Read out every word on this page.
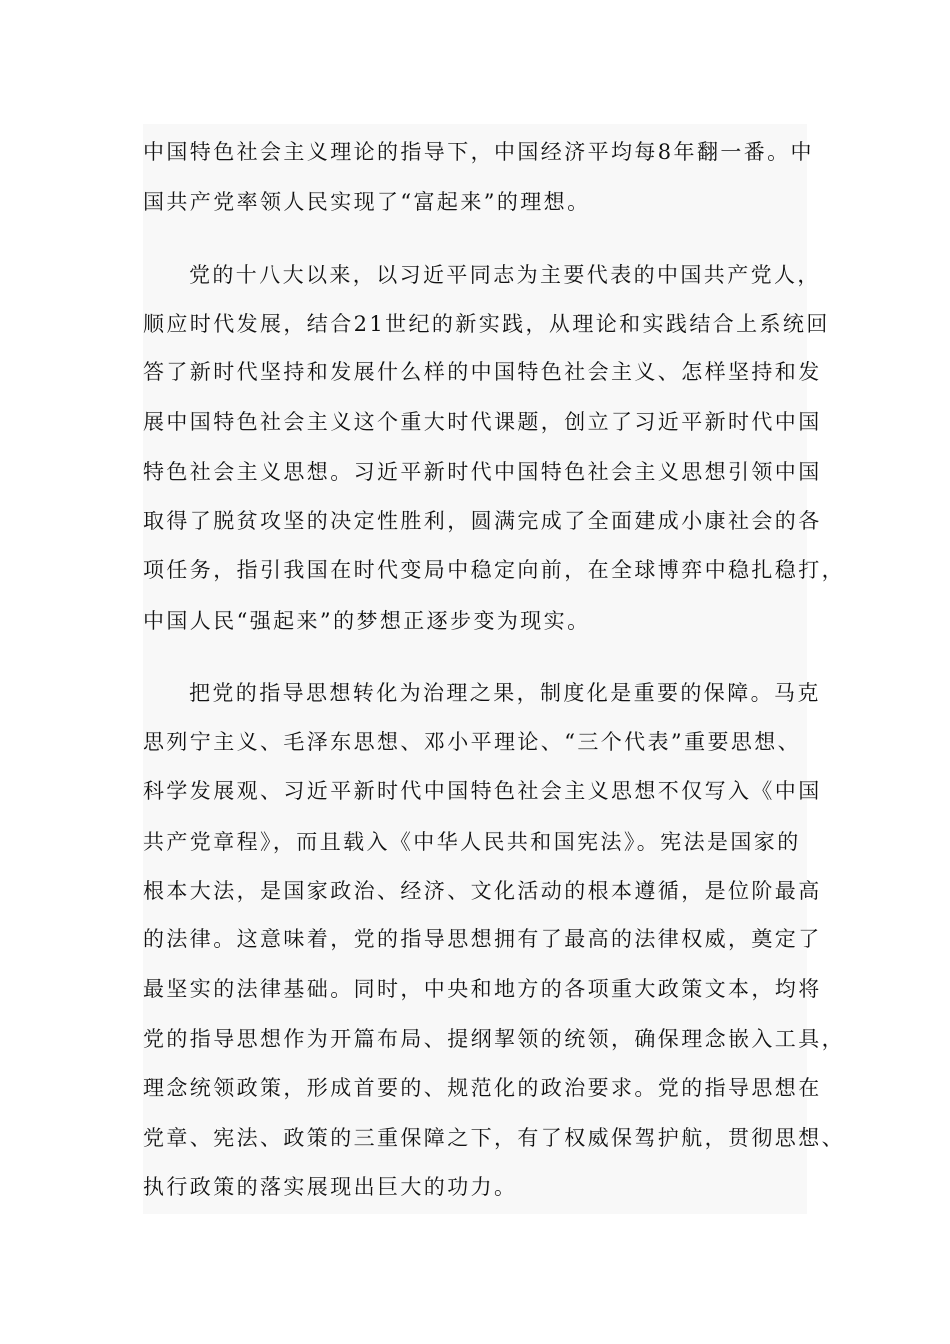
中国特色社会主义理论的指导下，中国经济平均每8年翻一番。中
国共产党率领人民实现了“富起来”的理想。
党的十八大以来，以习近平同志为主要代表的中国共产党人，
顺应时代发展，结合21世纪的新实践，从理论和实践结合上系统回
答了新时代坚持和发展什么样的中国特色社会主义、怎样坚持和发
展中国特色社会主义这个重大时代课题，创立了习近平新时代中国
特色社会主义思想。习近平新时代中国特色社会主义思想引领中国
取得了脱贫攻坚的决定性胜利，圆满完成了全面建成小康社会的各
项任务，指引我国在时代变局中稳定向前，在全球博弈中稳扎稳打，
中国人民“强起来”的梦想正逐步变为现实。
把党的指导思想转化为治理之果，制度化是重要的保障。马克
思列宁主义、毛泽东思想、邓小平理论、“三个代表”重要思想、
科学发展观、习近平新时代中国特色社会主义思想不仅写入《中国
共产党章程》，而且载入《中华人民共和国宪法》。宪法是国家的
根本大法，是国家政治、经济、文化活动的根本遵循，是位阶最高
的法律。这意味着，党的指导思想拥有了最高的法律权威，奠定了
最坚实的法律基础。同时，中央和地方的各项重大政策文本，均将
党的指导思想作为开篇布局、提纲挈领的统领，确保理念嵌入工具，
理念统领政策，形成首要的、规范化的政治要求。党的指导思想在
党章、宪法、政策的三重保障之下，有了权威保驾护航，贯彻思想、
执行政策的落实展现出巨大的功力。
